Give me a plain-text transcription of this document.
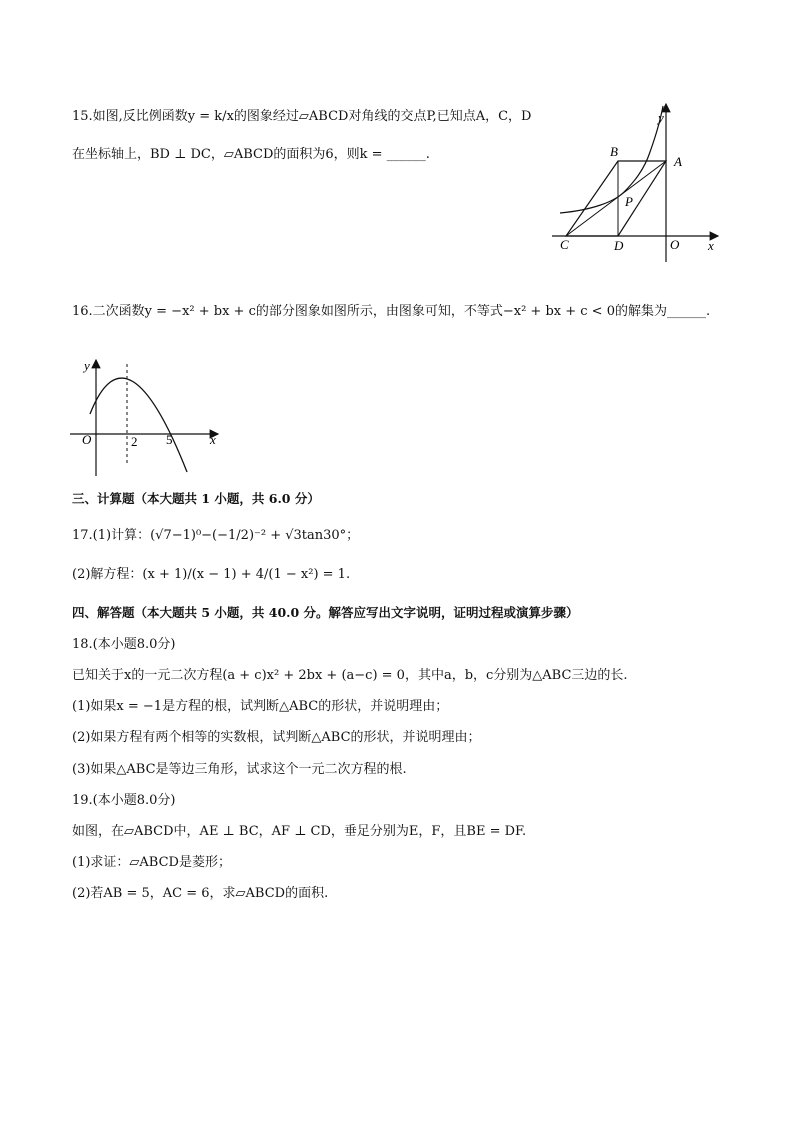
15.如图,反比例函数y = k/x的图象经过▱ABCD对角线的交点P,已知点A，C，D
在坐标轴上，BD ⊥ DC，▱ABCD的面积为6，则k = ______.
y
x
O
A
B
C	D
P
16.二次函数y = −x² + bx + c的部分图象如图所示，由图象可知，不等式−x² + bx + c < 0的解集为______.
y
x
O	2 5
三、计算题（本大题共 1 小题，共 6.0 分）
17.(1)计算：(√7−1)⁰−(−1/2)⁻² + √3tan30°；
(2)解方程：(x + 1)/(x − 1) + 4/(1 − x²) = 1.
四、解答题（本大题共 5 小题，共 40.0 分。解答应写出文字说明，证明过程或演算步骤）
18.(本小题8.0分)
已知关于x的一元二次方程(a + c)x² + 2bx + (a−c) = 0，其中a，b，c分别为△ABC三边的长.
(1)如果x = −1是方程的根，试判断△ABC的形状，并说明理由；
(2)如果方程有两个相等的实数根，试判断△ABC的形状，并说明理由；
(3)如果△ABC是等边三角形，试求这个一元二次方程的根.
19.(本小题8.0分)
如图，在▱ABCD中，AE ⊥ BC，AF ⊥ CD，垂足分别为E，F，且BE = DF.
(1)求证：▱ABCD是菱形；
(2)若AB = 5，AC = 6，求▱ABCD的面积.
